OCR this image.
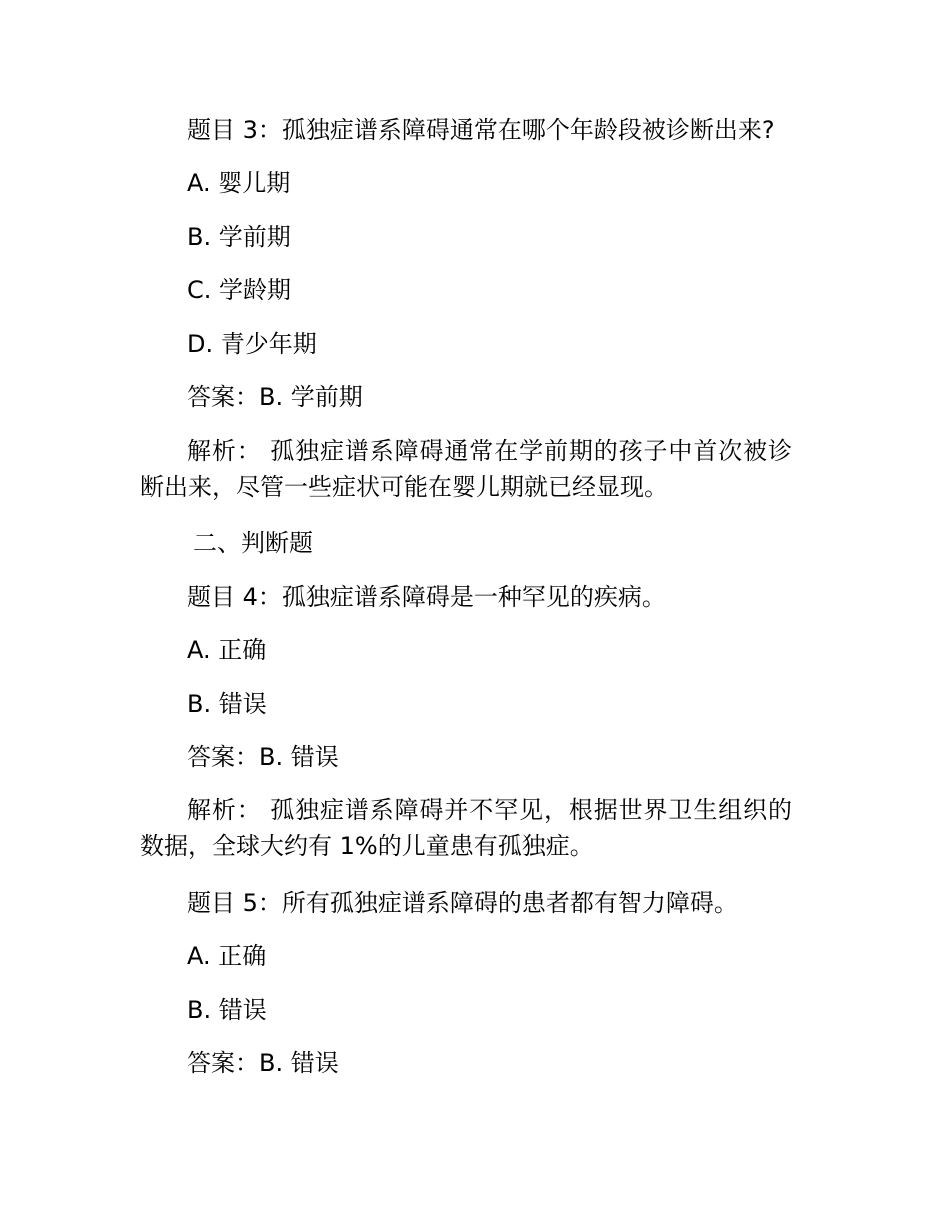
题目 3：孤独症谱系障碍通常在哪个年龄段被诊断出来?
A. 婴儿期
B. 学前期
C. 学龄期
D. 青少年期
答案：B. 学前期
解析： 孤独症谱系障碍通常在学前期的孩子中首次被诊断出来，尽管一些症状可能在婴儿期就已经显现。
二、判断题
题目 4：孤独症谱系障碍是一种罕见的疾病。
A. 正确
B. 错误
答案：B. 错误
解析： 孤独症谱系障碍并不罕见，根据世界卫生组织的数据，全球大约有 1%的儿童患有孤独症。
题目 5：所有孤独症谱系障碍的患者都有智力障碍。
A. 正确
B. 错误
答案：B. 错误
